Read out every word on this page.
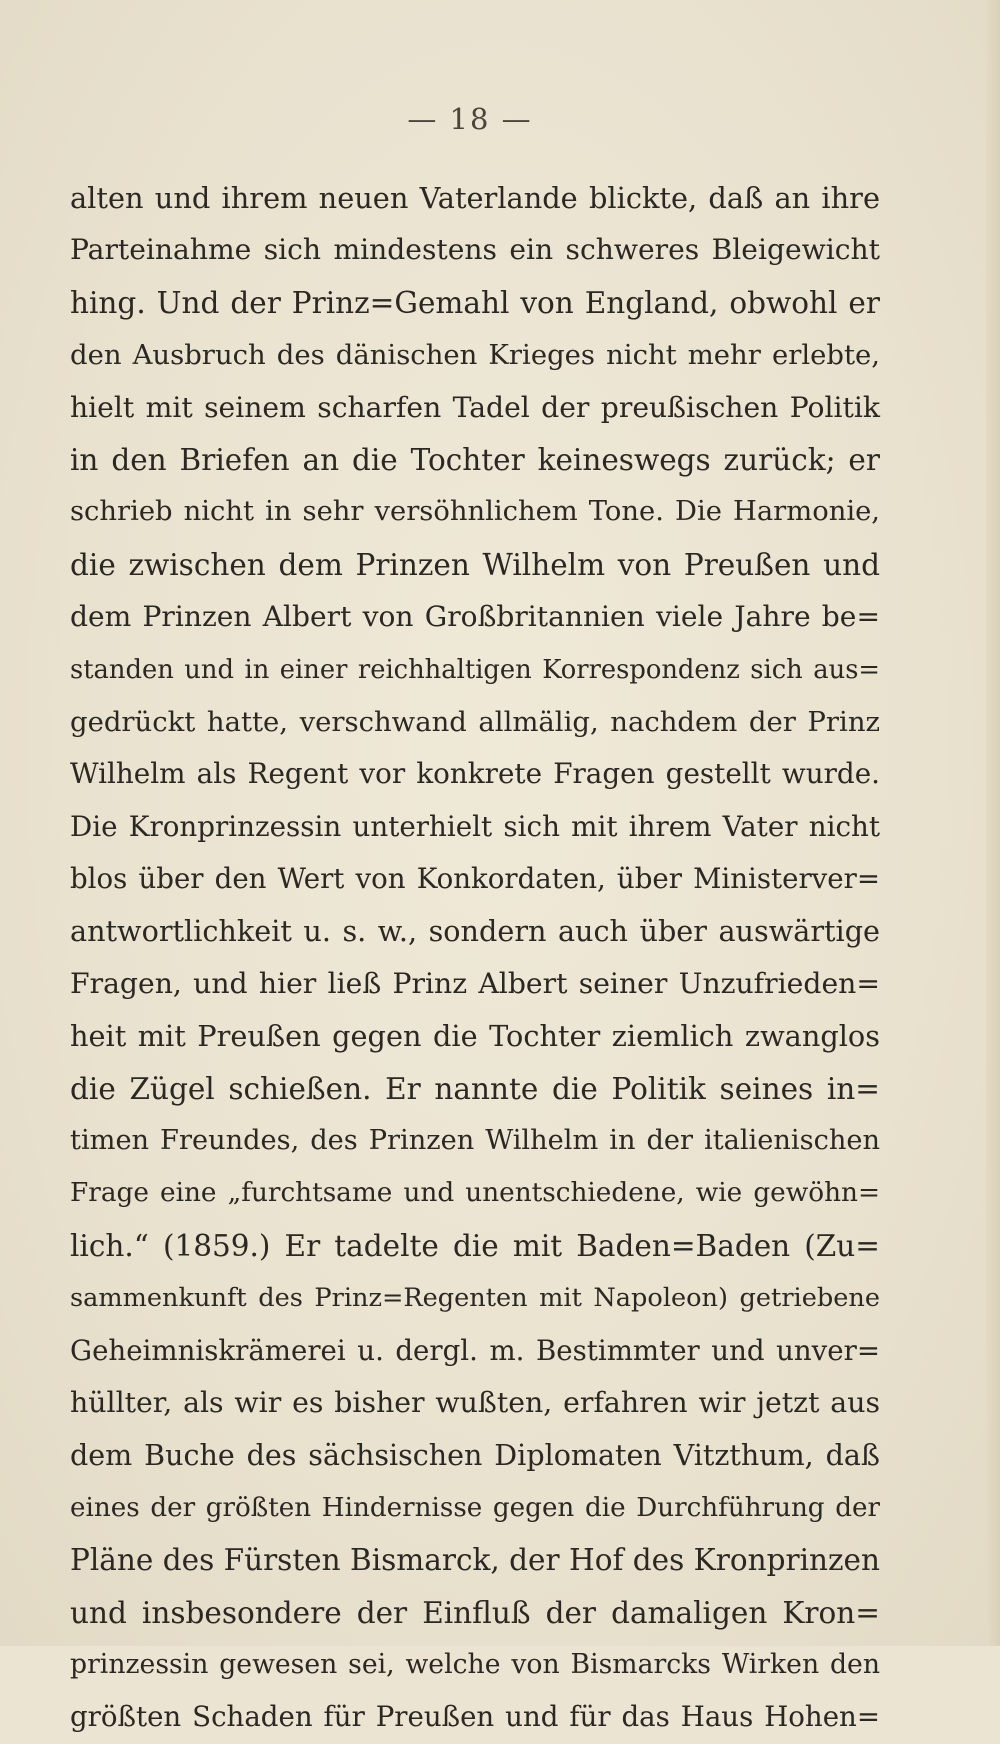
— 18 —
alten und ihrem neuen Vaterlande blickte, daß an ihre
Parteinahme sich mindestens ein schweres Bleigewicht
hing. Und der Prinz=Gemahl von England, obwohl er
den Ausbruch des dänischen Krieges nicht mehr erlebte,
hielt mit seinem scharfen Tadel der preußischen Politik
in den Briefen an die Tochter keineswegs zurück; er
schrieb nicht in sehr versöhnlichem Tone. Die Harmonie,
die zwischen dem Prinzen Wilhelm von Preußen und
dem Prinzen Albert von Großbritannien viele Jahre be=
standen und in einer reichhaltigen Korrespondenz sich aus=
gedrückt hatte, verschwand allmälig, nachdem der Prinz
Wilhelm als Regent vor konkrete Fragen gestellt wurde.
Die Kronprinzessin unterhielt sich mit ihrem Vater nicht
blos über den Wert von Konkordaten, über Ministerver=
antwortlichkeit u. s. w., sondern auch über auswärtige
Fragen, und hier ließ Prinz Albert seiner Unzufrieden=
heit mit Preußen gegen die Tochter ziemlich zwanglos
die Zügel schießen. Er nannte die Politik seines in=
timen Freundes, des Prinzen Wilhelm in der italienischen
Frage eine „furchtsame und unentschiedene, wie gewöhn=
lich.“ (1859.) Er tadelte die mit Baden=Baden (Zu=
sammenkunft des Prinz=Regenten mit Napoleon) getriebene
Geheimniskrämerei u. dergl. m. Bestimmter und unver=
hüllter, als wir es bisher wußten, erfahren wir jetzt aus
dem Buche des sächsischen Diplomaten Vitzthum, daß
eines der größten Hindernisse gegen die Durchführung der
Pläne des Fürsten Bismarck, der Hof des Kronprinzen
und insbesondere der Einfluß der damaligen Kron=
prinzessin gewesen sei, welche von Bismarcks Wirken den
größten Schaden für Preußen und für das Haus Hohen=
